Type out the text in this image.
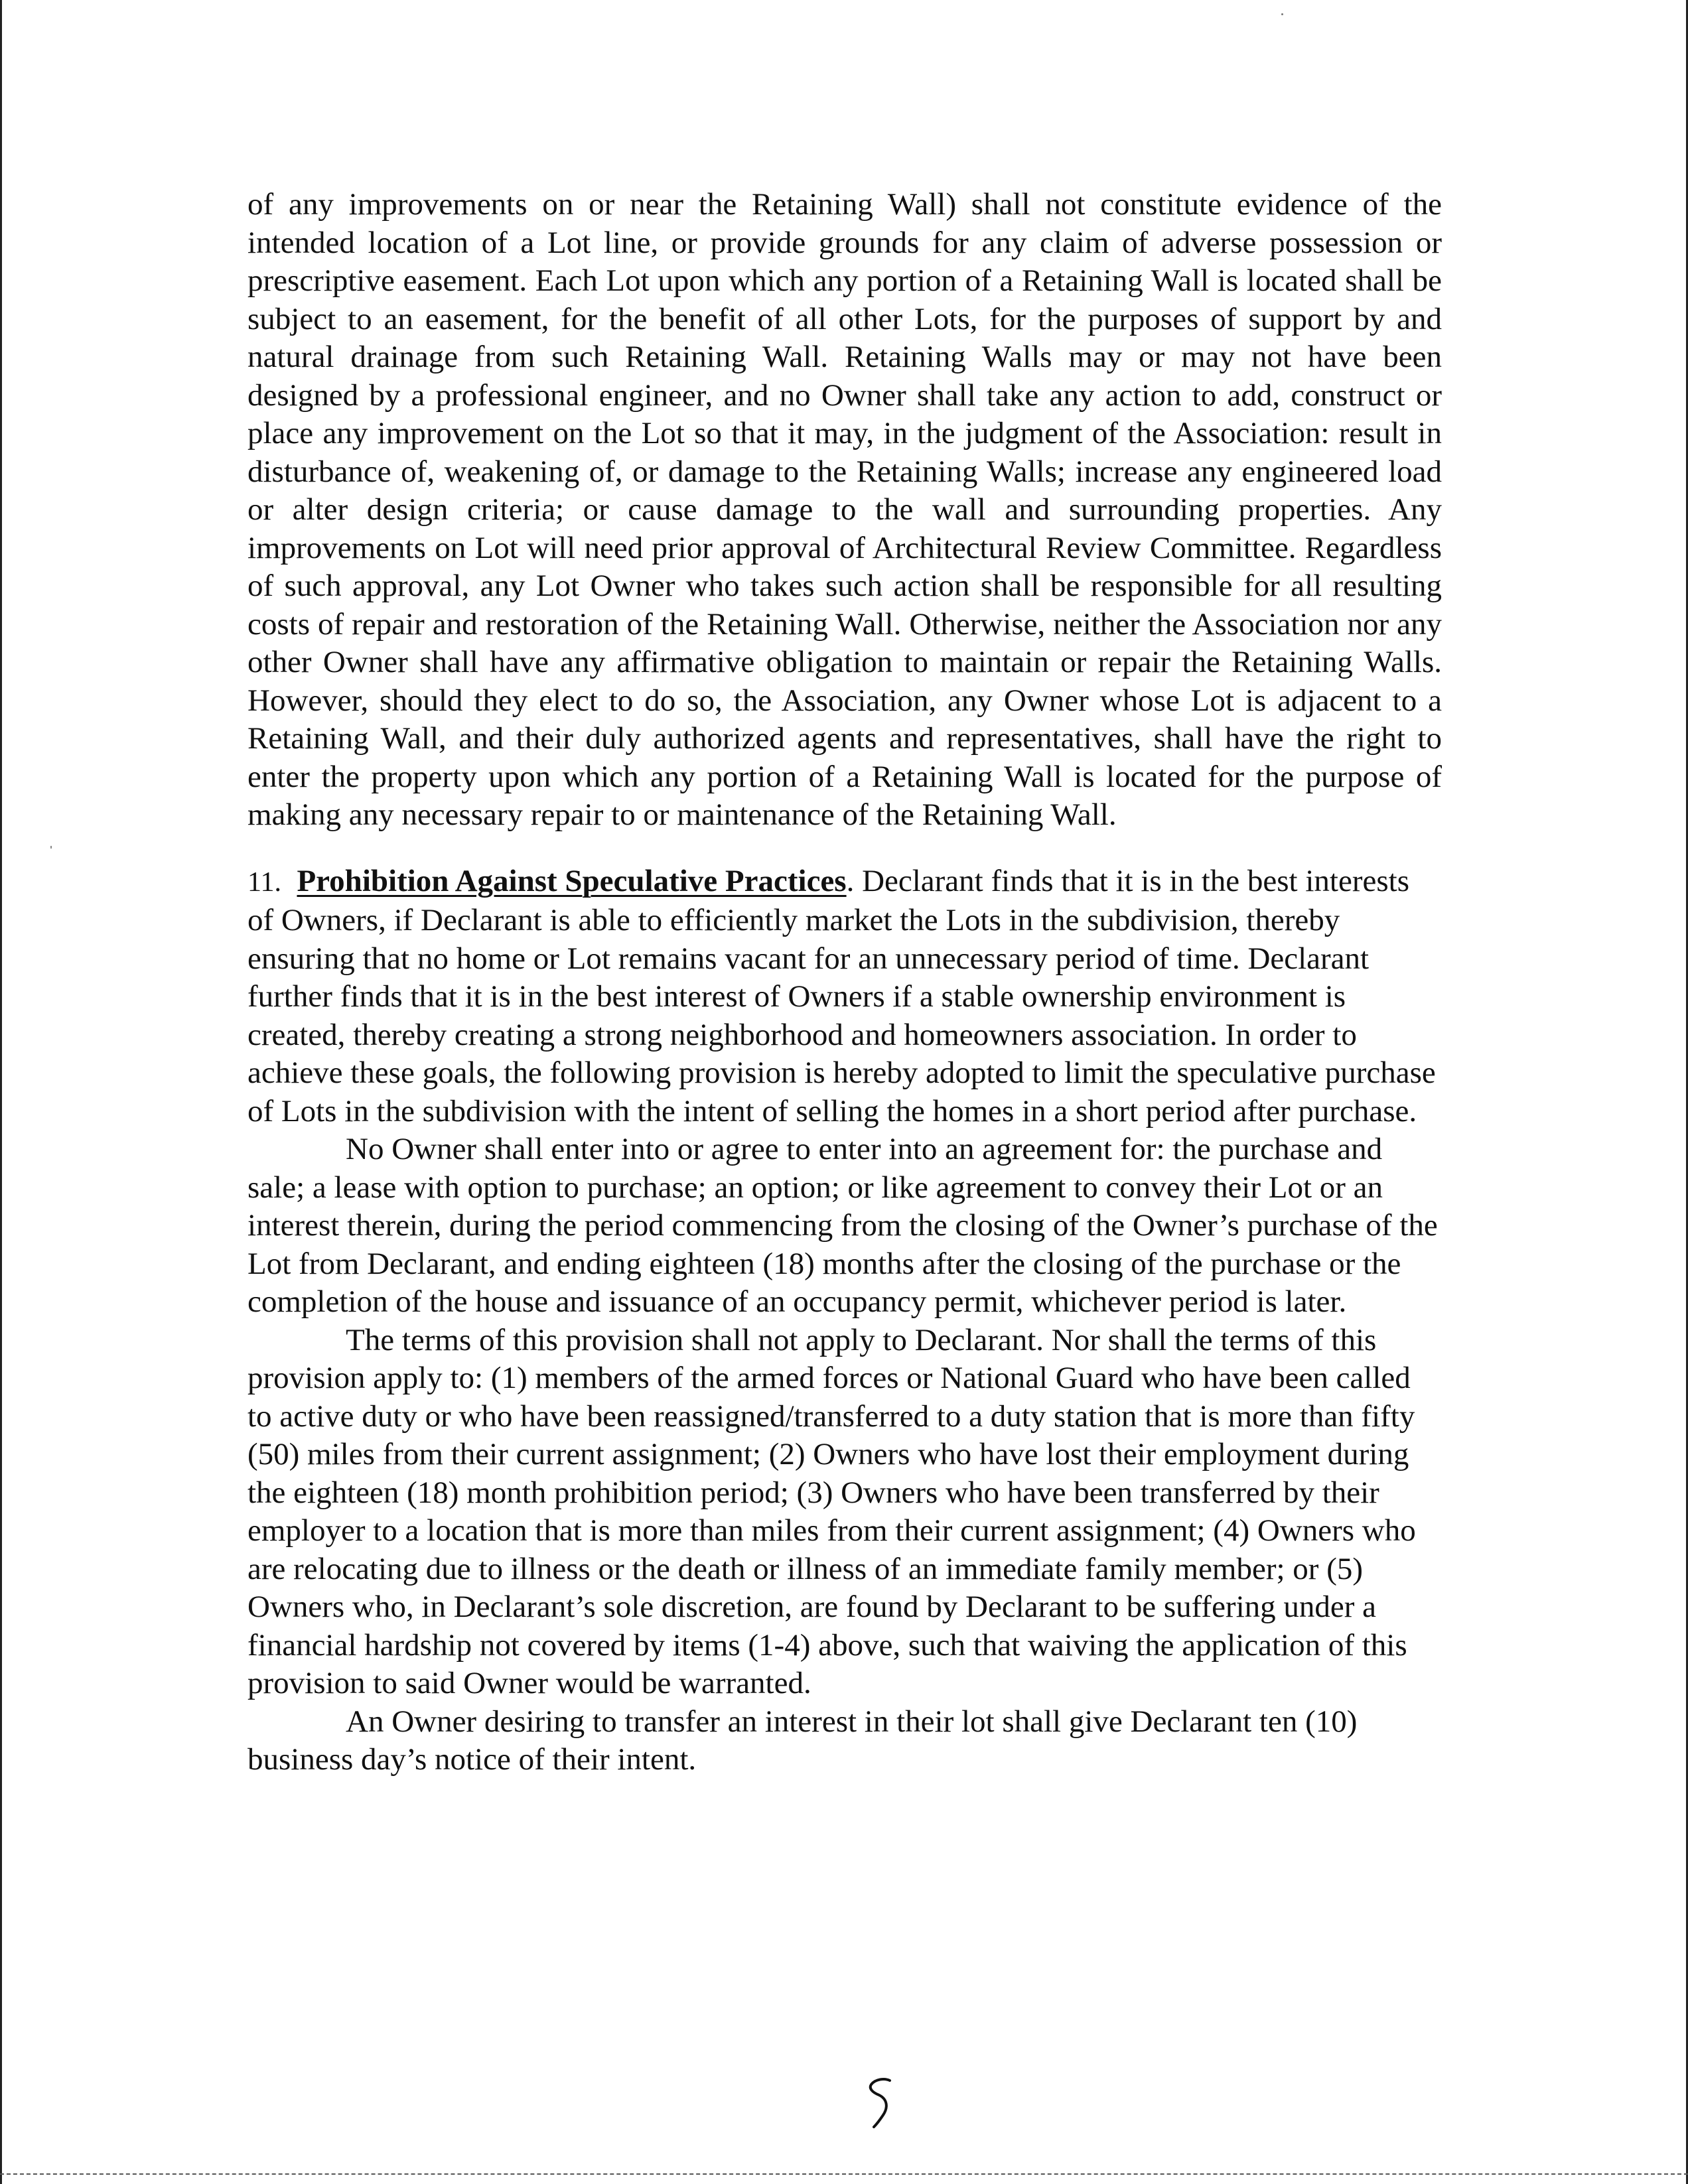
of any improvements on or near the Retaining Wall) shall not constitute evidence of the intended location of a Lot line, or provide grounds for any claim of adverse possession or prescriptive easement. Each Lot upon which any portion of a Retaining Wall is located shall be subject to an easement, for the benefit of all other Lots, for the purposes of support by and natural drainage from such Retaining Wall. Retaining Walls may or may not have been designed by a professional engineer, and no Owner shall take any action to add, construct or place any improvement on the Lot so that it may, in the judgment of the Association: result in disturbance of, weakening of, or damage to the Retaining Walls; increase any engineered load or alter design criteria; or cause damage to the wall and surrounding properties. Any improvements on Lot will need prior approval of Architectural Review Committee. Regardless of such approval, any Lot Owner who takes such action shall be responsible for all resulting costs of repair and restoration of the Retaining Wall. Otherwise, neither the Association nor any other Owner shall have any affirmative obligation to maintain or repair the Retaining Walls. However, should they elect to do so, the Association, any Owner whose Lot is adjacent to a Retaining Wall, and their duly authorized agents and representatives, shall have the right to enter the property upon which any portion of a Retaining Wall is located for the purpose of making any necessary repair to or maintenance of the Retaining Wall.

11. Prohibition Against Speculative Practices. Declarant finds that it is in the best interests of Owners, if Declarant is able to efficiently market the Lots in the subdivision, thereby ensuring that no home or Lot remains vacant for an unnecessary period of time. Declarant further finds that it is in the best interest of Owners if a stable ownership environment is created, thereby creating a strong neighborhood and homeowners association. In order to achieve these goals, the following provision is hereby adopted to limit the speculative purchase of Lots in the subdivision with the intent of selling the homes in a short period after purchase.

No Owner shall enter into or agree to enter into an agreement for: the purchase and sale; a lease with option to purchase; an option; or like agreement to convey their Lot or an interest therein, during the period commencing from the closing of the Owner’s purchase of the Lot from Declarant, and ending eighteen (18) months after the closing of the purchase or the completion of the house and issuance of an occupancy permit, whichever period is later.

The terms of this provision shall not apply to Declarant. Nor shall the terms of this provision apply to: (1) members of the armed forces or National Guard who have been called to active duty or who have been reassigned/transferred to a duty station that is more than fifty (50) miles from their current assignment; (2) Owners who have lost their employment during the eighteen (18) month prohibition period; (3) Owners who have been transferred by their employer to a location that is more than miles from their current assignment; (4) Owners who are relocating due to illness or the death or illness of an immediate family member; or (5) Owners who, in Declarant’s sole discretion, are found by Declarant to be suffering under a financial hardship not covered by items (1-4) above, such that waiving the application of this provision to said Owner would be warranted.

An Owner desiring to transfer an interest in their lot shall give Declarant ten (10) business day’s notice of their intent.
